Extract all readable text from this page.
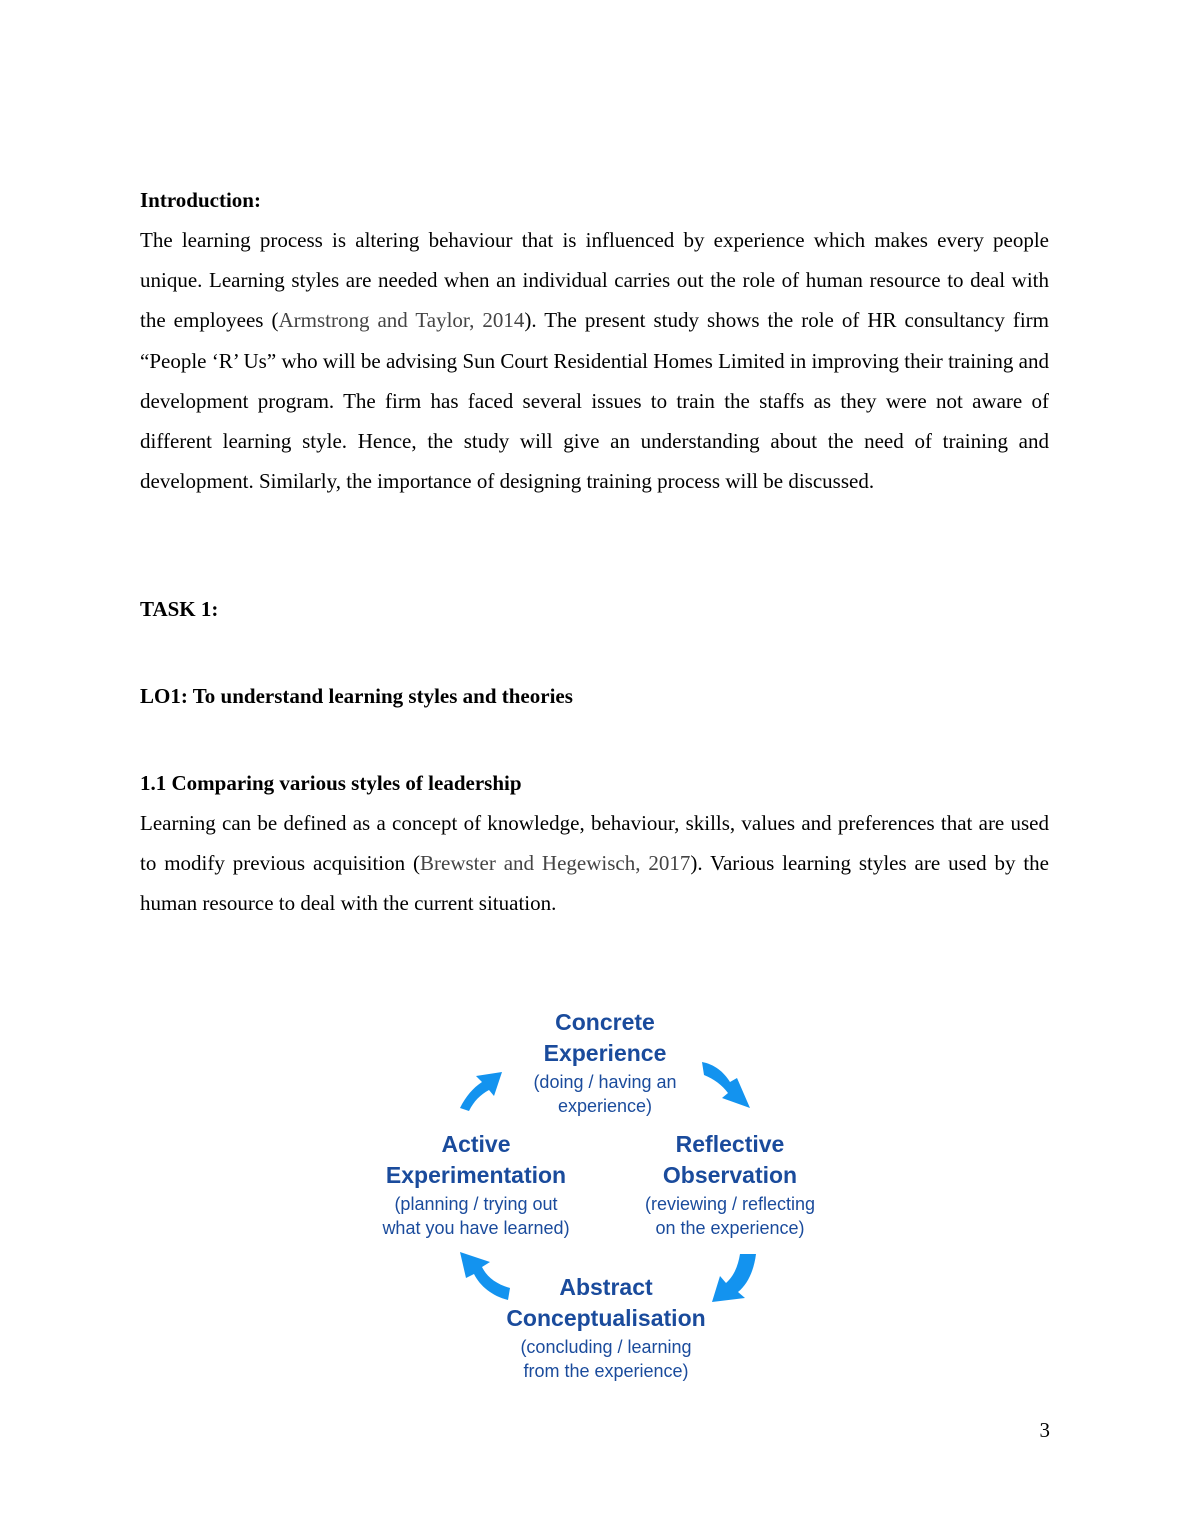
Introduction:

The learning process is altering behaviour that is influenced by experience which makes every people unique. Learning styles are needed when an individual carries out the role of human resource to deal with the employees (Armstrong and Taylor, 2014). The present study shows the role of HR consultancy firm “People ‘R’ Us” who will be advising Sun Court Residential Homes Limited in improving their training and development program. The firm has faced several issues to train the staffs as they were not aware of different learning style. Hence, the study will give an understanding about the need of training and development. Similarly, the importance of designing training process will be discussed.

TASK 1:

LO1: To understand learning styles and theories

1.1 Comparing various styles of leadership

Learning can be defined as a concept of knowledge, behaviour, skills, values and preferences that are used to modify previous acquisition (Brewster and Hegewisch, 2017). Various learning styles are used by the human resource to deal with the current situation.

Concrete
Experience
(doing / having an
experience)
Active
Experimentation
(planning / trying out
what you have learned)
Reflective
Observation
(reviewing / reflecting
on the experience)
Abstract
Conceptualisation
(concluding / learning
from the experience)
3
